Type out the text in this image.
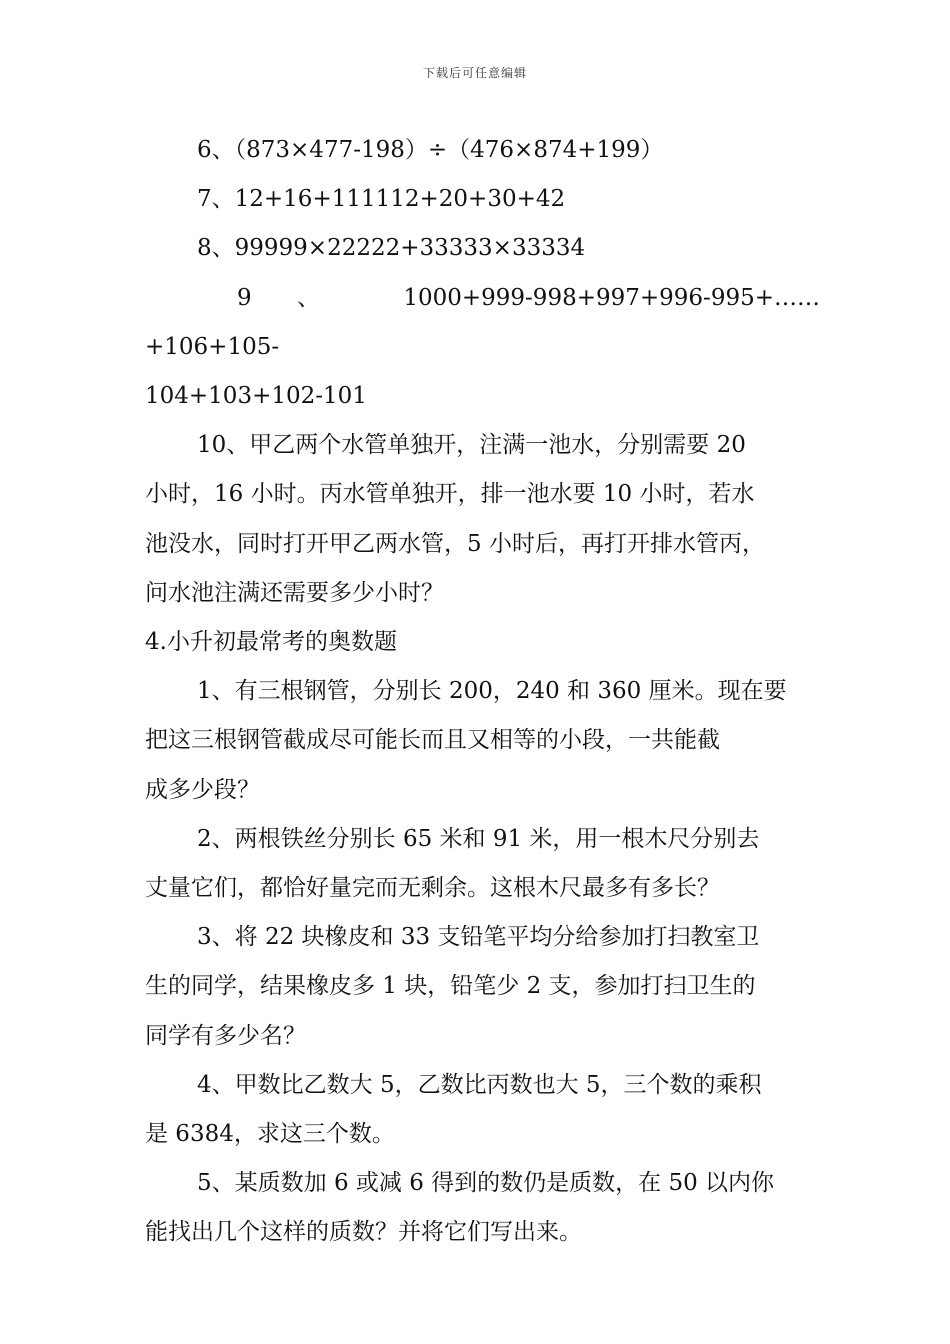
下载后可任意编辑

6、（873×477-198）÷（476×874+199）

7、12+16+111112+20+30+42

8、99999×22222+33333×33334

9 、 1000+999-998+997+996-995+……+106+105-

104+103+102-101

10、甲乙两个水管单独开，注满一池水，分别需要 20

小时，16 小时。丙水管单独开，排一池水要 10 小时，若水

池没水，同时打开甲乙两水管，5 小时后，再打开排水管丙，

问水池注满还需要多少小时？

4.小升初最常考的奥数题

1、有三根钢管，分别长 200，240 和 360 厘米。现在要

把这三根钢管截成尽可能长而且又相等的小段，一共能截

成多少段？

2、两根铁丝分别长 65 米和 91 米，用一根木尺分别去

丈量它们，都恰好量完而无剩余。这根木尺最多有多长？

3、将 22 块橡皮和 33 支铅笔平均分给参加打扫教室卫

生的同学，结果橡皮多 1 块，铅笔少 2 支，参加打扫卫生的

同学有多少名？

4、甲数比乙数大 5，乙数比丙数也大 5，三个数的乘积

是 6384，求这三个数。

5、某质数加 6 或减 6 得到的数仍是质数，在 50 以内你

能找出几个这样的质数？并将它们写出来。
